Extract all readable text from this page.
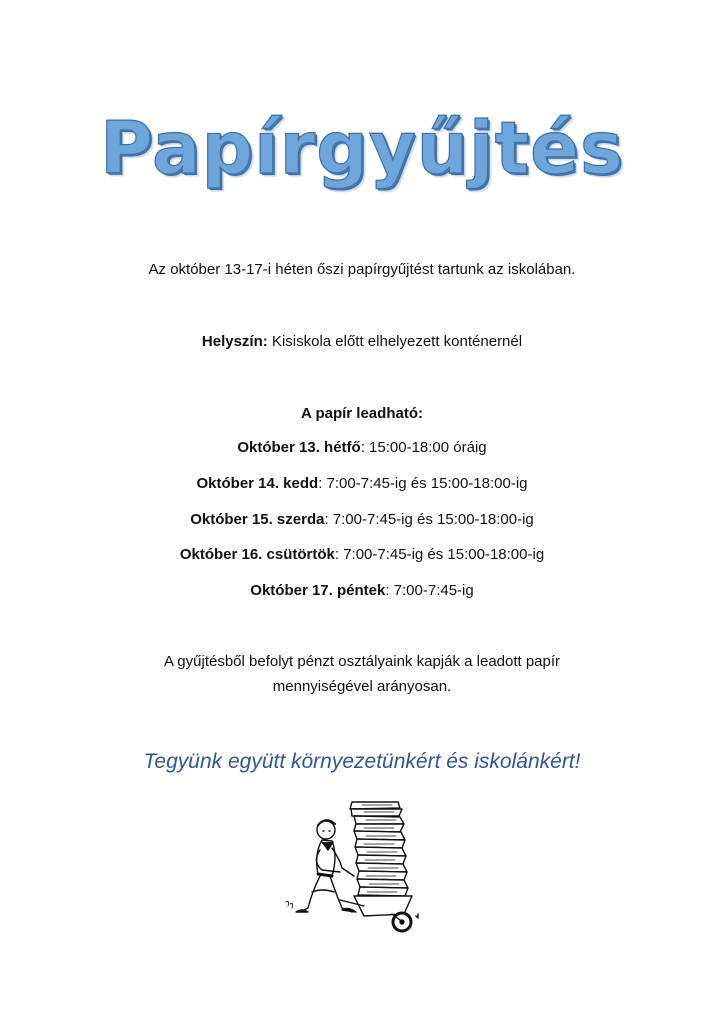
Papírgyűjtés
Az október 13-17-i héten őszi papírgyűjtést tartunk az iskolában.
Helyszín: Kisiskola előtt elhelyezett konténernél
A papír leadható:
Október 13. hétfő: 15:00-18:00 óráig
Október 14. kedd: 7:00-7:45-ig és 15:00-18:00-ig
Október 15. szerda: 7:00-7:45-ig és 15:00-18:00-ig
Október 16. csütörtök: 7:00-7:45-ig és 15:00-18:00-ig
Október 17. péntek: 7:00-7:45-ig
A gyűjtésből befolyt pénzt osztályaink kapják a leadott papír
mennyiségével arányosan.
Tegyünk együtt környezetünkért és iskolánkért!
